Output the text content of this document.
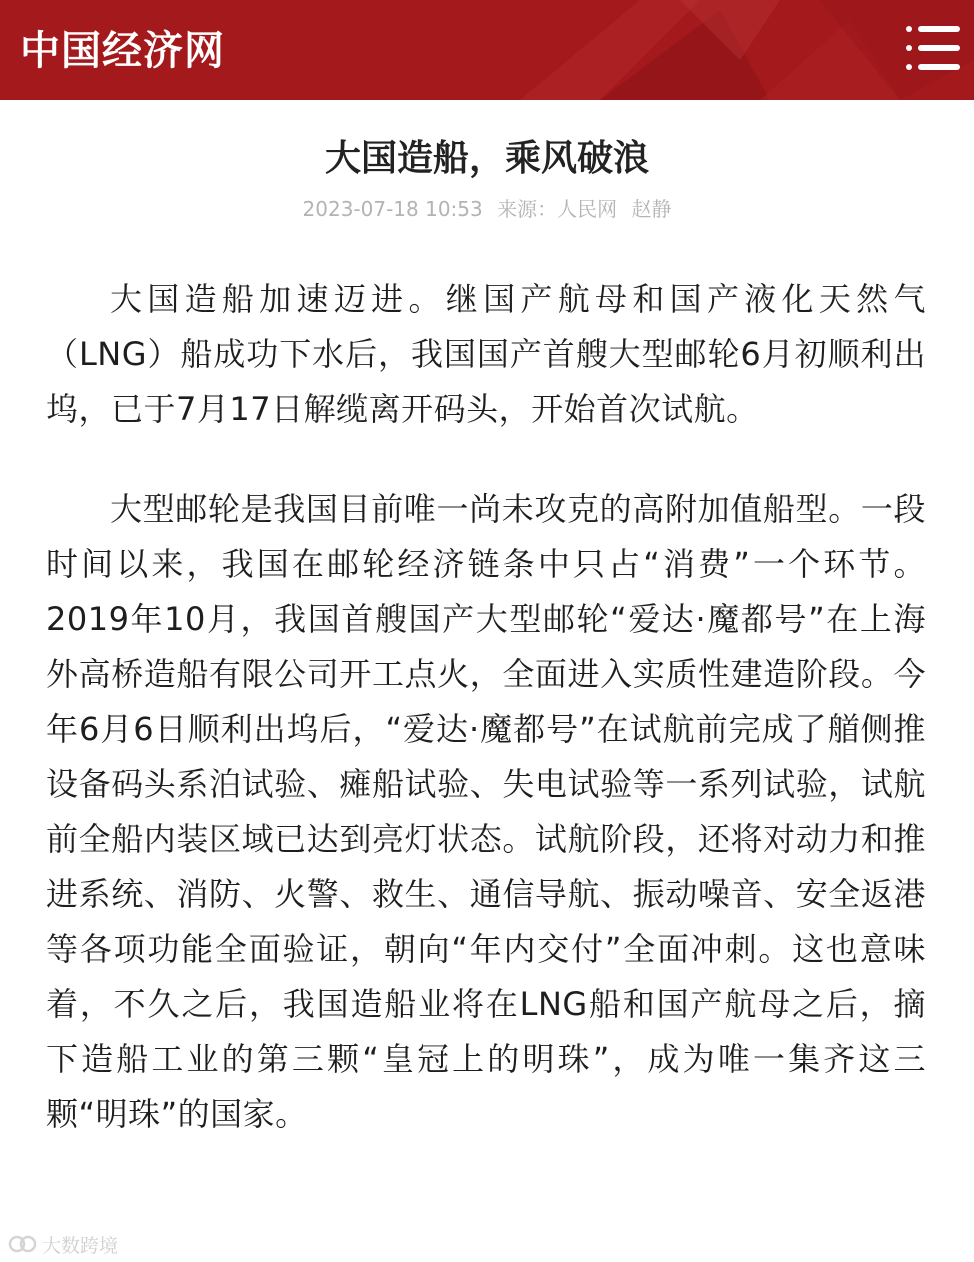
中国经济网
大国造船，乘风破浪
2023-07-18 10:53 来源：人民网 赵静

大国造船加速迈进。继国产航母和国产液化天然气（LNG）船成功下水后，我国国产首艘大型邮轮6月初顺利出坞，已于7月17日解缆离开码头，开始首次试航。

大型邮轮是我国目前唯一尚未攻克的高附加值船型。一段时间以来，我国在邮轮经济链条中只占“消费”一个环节。2019年10月，我国首艘国产大型邮轮“爱达·魔都号”在上海外高桥造船有限公司开工点火，全面进入实质性建造阶段。今年6月6日顺利出坞后，“爱达·魔都号”在试航前完成了艏侧推设备码头系泊试验、瘫船试验、失电试验等一系列试验，试航前全船内装区域已达到亮灯状态。试航阶段，还将对动力和推进系统、消防、火警、救生、通信导航、振动噪音、安全返港等各项功能全面验证，朝向“年内交付”全面冲刺。这也意味着，不久之后，我国造船业将在LNG船和国产航母之后，摘下造船工业的第三颗“皇冠上的明珠”，成为唯一集齐这三颗“明珠”的国家。

大数跨境
